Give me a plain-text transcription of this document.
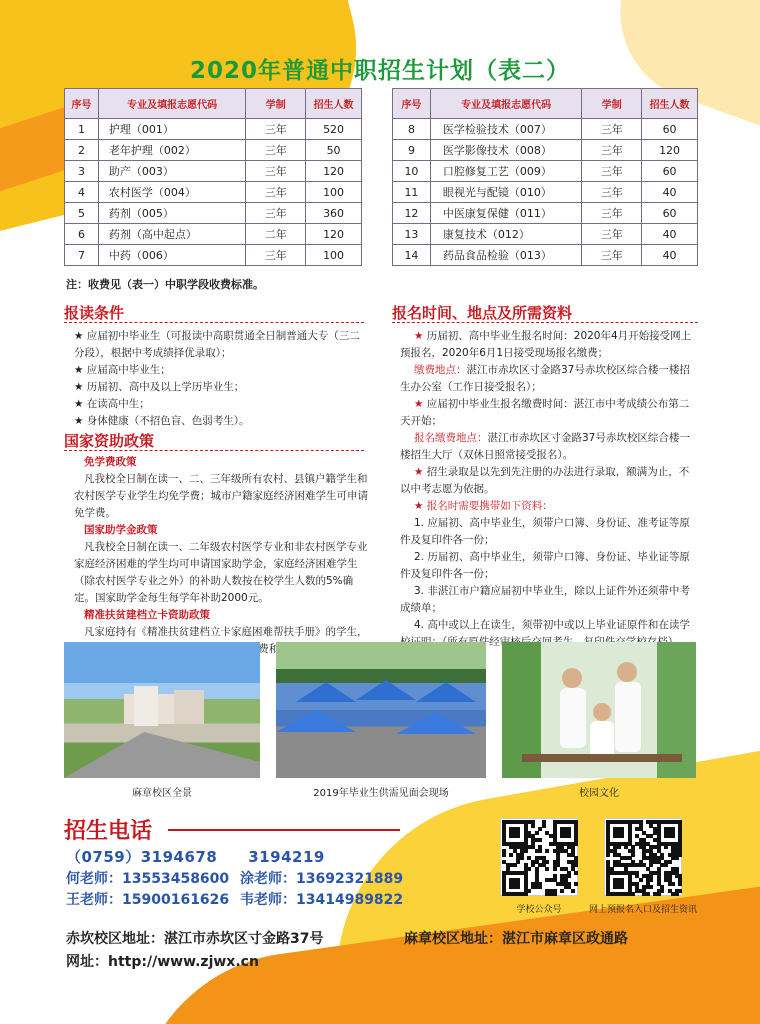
2020年普通中职招生计划（表二）
序号	专业及填报志愿代码	学制	招生人数
1	护理（001）	三年	520
2	老年护理（002）	三年	50
3	助产（003）	三年	120
4	农村医学（004）	三年	100
5	药剂（005）	三年	360
6	药剂（高中起点）	二年	120
7	中药（006）	三年	100
序号	专业及填报志愿代码	学制	招生人数
8	医学检验技术（007）	三年	60
9	医学影像技术（008）	三年	120
10	口腔修复工艺（009）	三年	60
11	眼视光与配镜（010）	三年	40
12	中医康复保健（011）	三年	60
13	康复技术（012）	三年	40
14	药品食品检验（013）	三年	40
注：收费见（表一）中职学段收费标准。
报读条件

★ 应届初中毕业生（可报读中高职贯通全日制普通大专（三二分段），根据中考成绩择优录取）；

★ 应届高中毕业生；

★ 历届初、高中及以上学历毕业生；

★ 在读高中生；

★ 身体健康（不招色盲、色弱考生）。

国家资助政策

免学费政策

凡我校全日制在读一、二、三年级所有农村、县镇户籍学生和农村医学专业学生均免学费；城市户籍家庭经济困难学生可申请免学费。

国家助学金政策

凡我校全日制在读一、二年级农村医学专业和非农村医学专业家庭经济困难的学生均可申请国家助学金，家庭经济困难学生（除农村医学专业之外）的补助人数按在校学生人数的5%确定。国家助学金每生每学年补助2000元。

精准扶贫建档立卡资助政策

凡家庭持有《精准扶贫建档立卡家庭困难帮扶手册》的学生， 学费和国

报名时间、地点及所需资料

★ 历届初、高中毕业生报名时间：2020年4月开始接受网上预报名，2020年6月1日接受现场报名缴费；

缴费地点：湛江市赤坎区寸金路37号赤坎校区综合楼一楼招生办公室（工作日接受报名）；

★ 应届初中毕业生报名缴费时间：湛江市中考成绩公布第二天开始；

报名缴费地点：湛江市赤坎区寸金路37号赤坎校区综合楼一楼招生大厅（双休日照常接受报名）。

★ 招生录取是以先到先注册的办法进行录取，额满为止，不以中考志愿为依据。

★ 报名时需要携带如下资料：

1. 应届初、高中毕业生，须带户口簿、身份证、准考证等原件及复印件各一份；

2. 历届初、高中毕业生，须带户口簿、身份证、毕业证等原件及复印件各一份；

3. 非湛江市户籍应届初中毕业生，除以上证件外还须带中考成绩单；

4. 高中或以上在读生，须带初中或以上毕业证原件和在读学 件经

麻章校区全景	2019年毕业生供需见面会现场	校园文化
招生电话
（0759）3194678　　3194219
何老师：13553458600 涂老师：13692321889
王老师：15900161626 韦老师：13414989822
学校公众号	网上预报名入口及招生资讯
赤坎校区地址：湛江市赤坎区寸金路37号	麻章校区地址：湛江市麻章区政通路
网址：http://www.zjwx.cn
